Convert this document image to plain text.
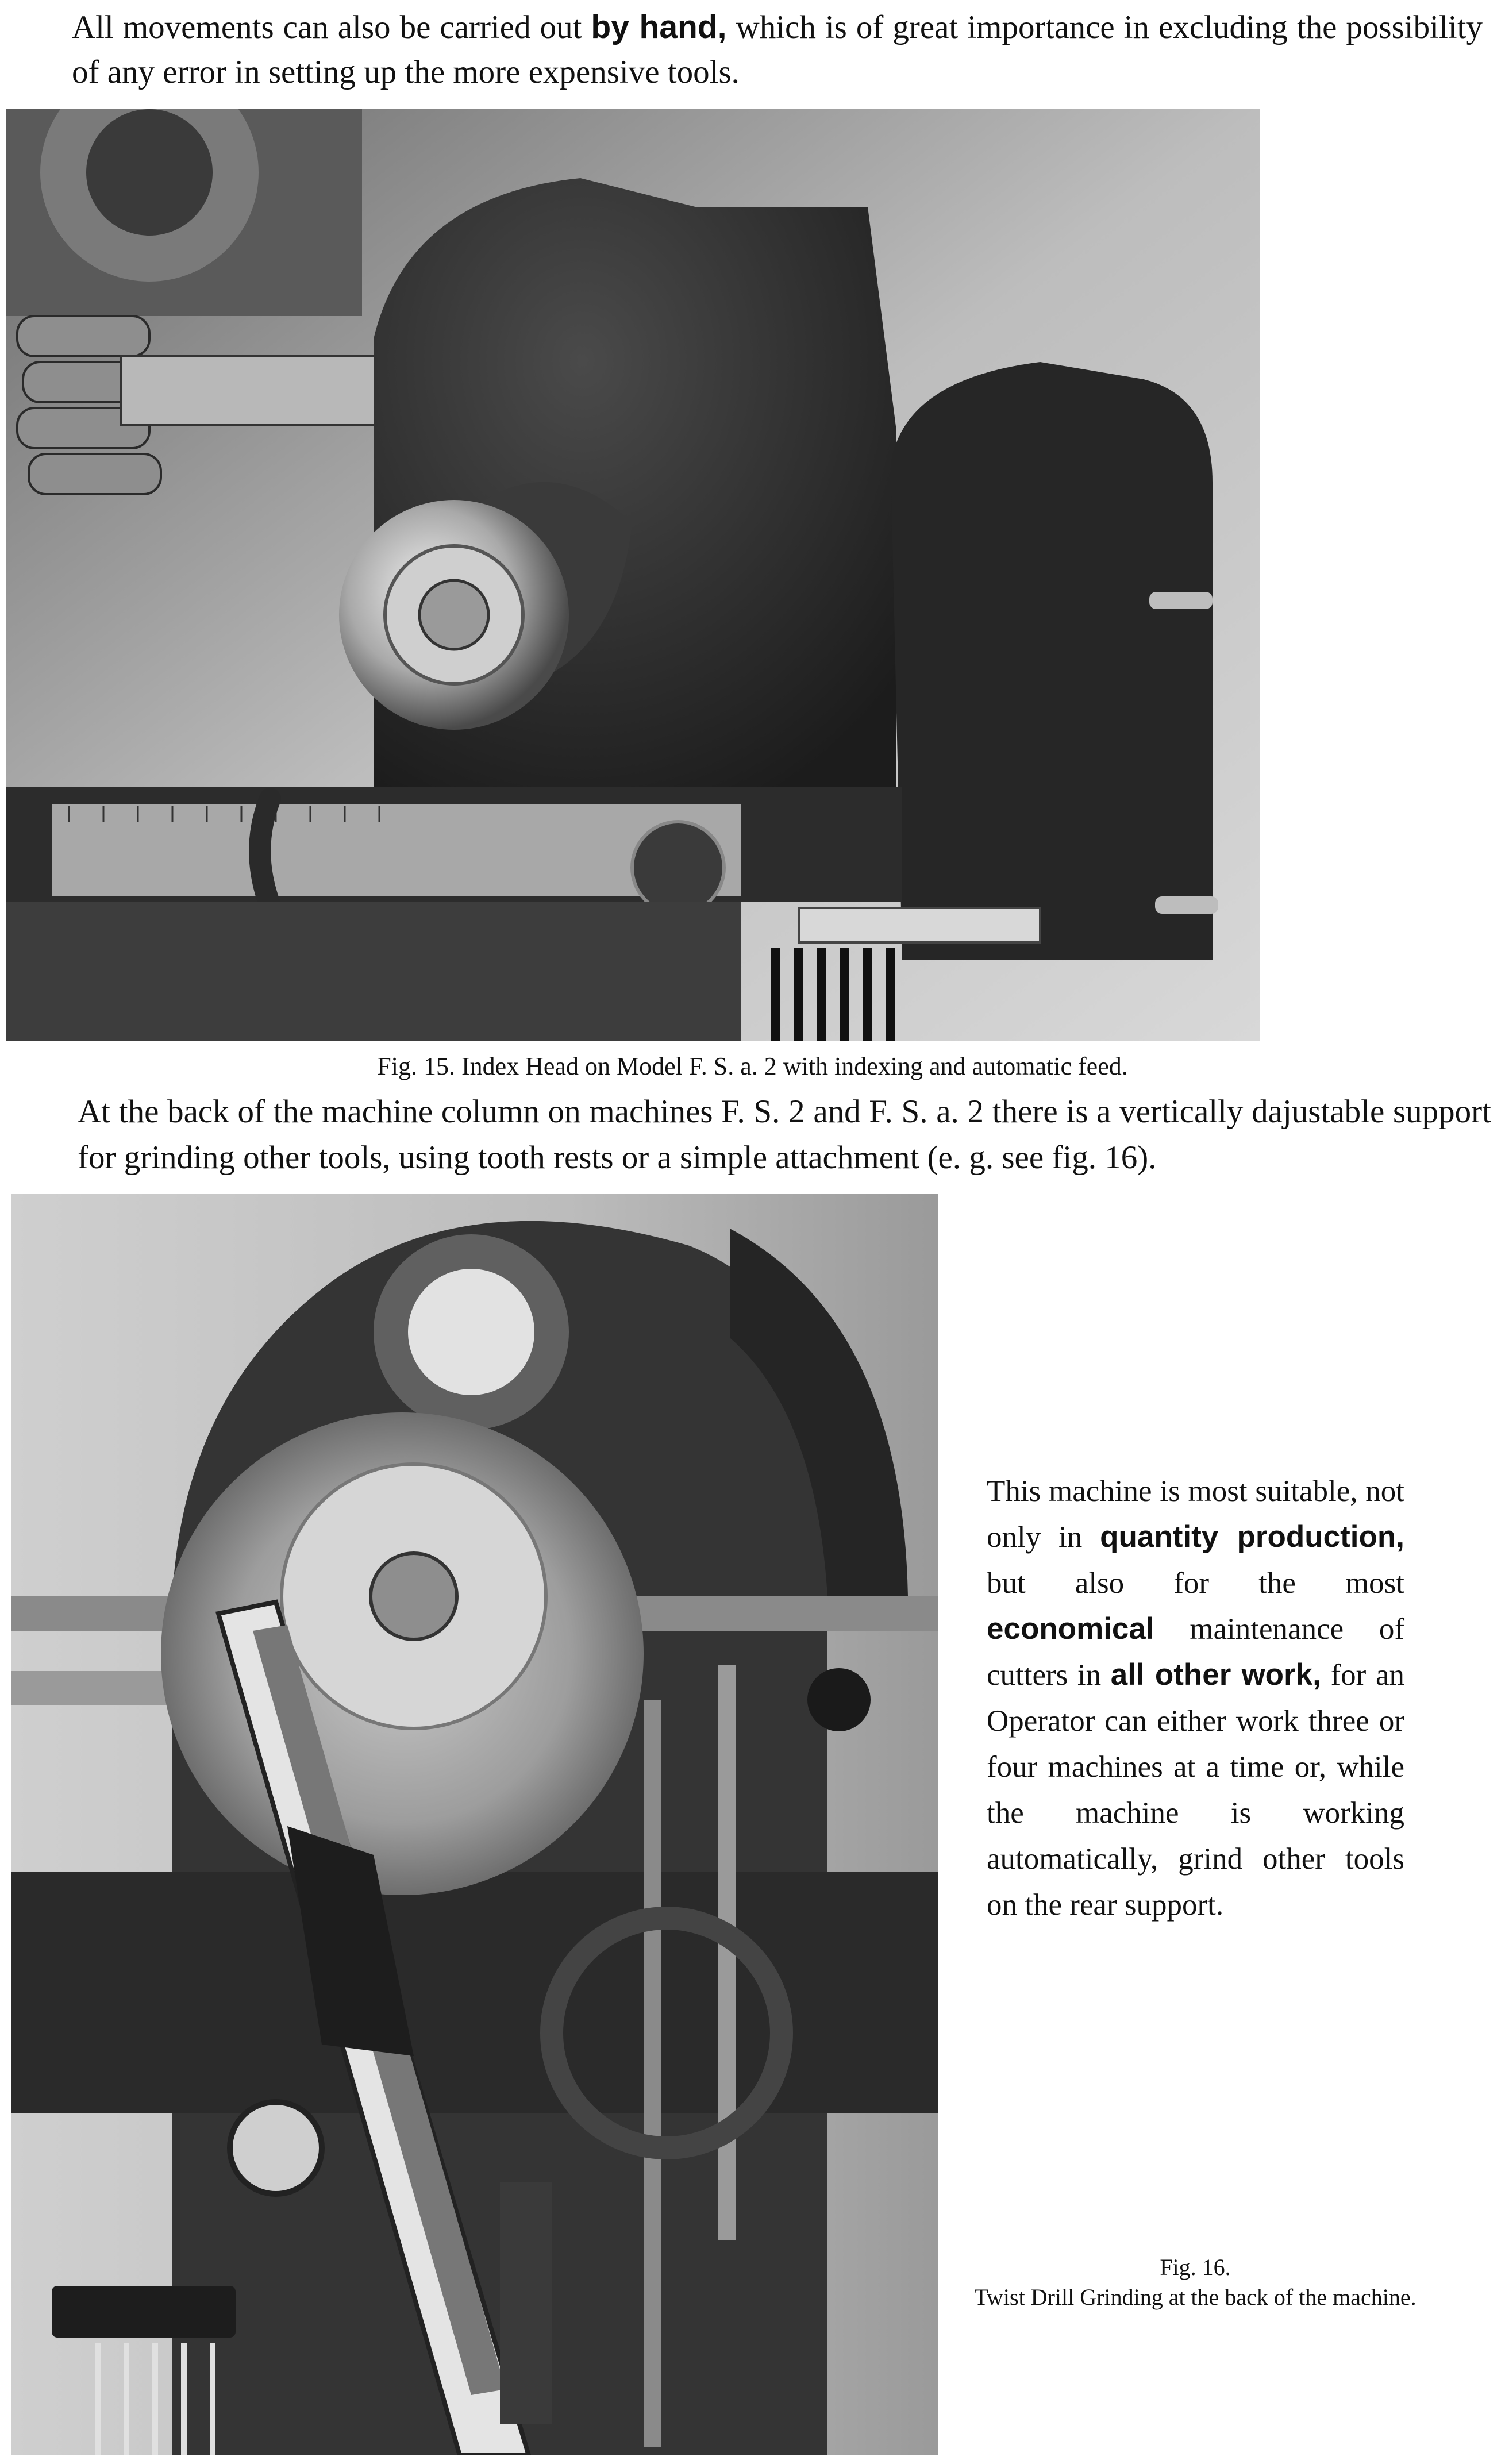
All movements can also be carried out by hand, which is of great importance in excluding the possibility of any error in setting up the more expensive tools.

Fig. 15. Index Head on Model F. S. a. 2 with indexing and automatic feed.

At the back of the machine column on machines F. S. 2 and F. S. a. 2 there is a vertically dajustable support for grinding other tools, using tooth rests or a simple attachment (e. g. see fig. 16).

This machine is most suitable, not only in quantity production, but also for the most economical maintenance of cutters in all other work, for an Operator can either work three or four machines at a time or, while the machine is working automatically, grind other tools on the rear support.

Fig. 16.
Twist Drill Grinding at the back of the machine.
